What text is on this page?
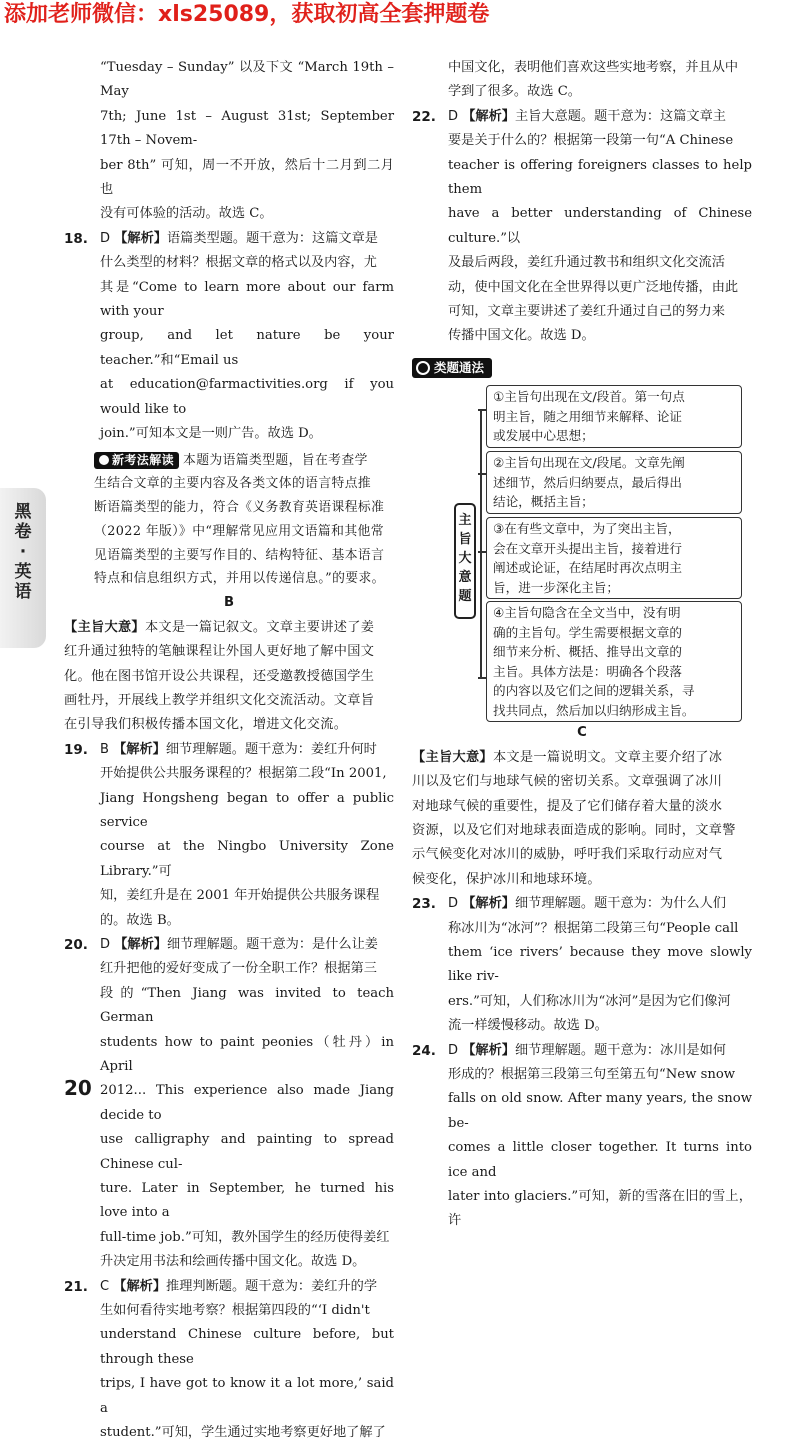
添加老师微信：xls25089，获取初高全套押题卷
黑
卷
·
英
语

“Tuesday – Sunday” 以及下文 “March 19th – May

7th; June 1st – August 31st; September 17th – Novem-

ber 8th” 可知，周一不开放，然后十二月到二月也

没有可体验的活动。故选 C。

18. D 【解析】语篇类型题。题干意为：这篇文章是

什么类型的材料？根据文章的格式以及内容，尤

其是“Come to learn more about our farm with your

group, and let nature be your teacher.”和“Email us

at education@farmactivities.org if you would like to

join.”可知本文是一则广告。故选 D。

新考法解读 本题为语篇类型题，旨在考查学

生结合文章的主要内容及各类文体的语言特点推

断语篇类型的能力，符合《义务教育英语课程标准

（2022 年版）》中“理解常见应用文语篇和其他常

见语篇类型的主要写作目的、结构特征、基本语言

特点和信息组织方式，并用以传递信息。”的要求。

B

【主旨大意】本文是一篇记叙文。文章主要讲述了姜

红升通过独特的笔触课程让外国人更好地了解中国文

化。他在图书馆开设公共课程，还受邀教授德国学生

画牡丹，开展线上教学并组织文化交流活动。文章旨

在引导我们积极传播本国文化，增进文化交流。

19. B 【解析】细节理解题。题干意为：姜红升何时

开始提供公共服务课程的？根据第二段“In 2001,

Jiang Hongsheng began to offer a public service

course at the Ningbo University Zone Library.”可

知，姜红升是在 2001 年开始提供公共服务课程

的。故选 B。

20. D 【解析】细节理解题。题干意为：是什么让姜

红升把他的爱好变成了一份全职工作？根据第三

段的“Then Jiang was invited to teach German

students how to paint peonies（牡丹）in April

2012... This experience also made Jiang decide to

use calligraphy and painting to spread Chinese cul-

ture. Later in September, he turned his love into a

full-time job.”可知，教外国学生的经历使得姜红

升决定用书法和绘画传播中国文化。故选 D。

21. C 【解析】推理判断题。题干意为：姜红升的学

生如何看待实地考察？根据第四段的“‘I didn't

understand Chinese culture before, but through these

trips, I have got to know it a lot more,’ said a

student.”可知，学生通过实地考察更好地了解了

中国文化，表明他们喜欢这些实地考察，并且从中

学到了很多。故选 C。

22. D 【解析】主旨大意题。题干意为：这篇文章主

要是关于什么的？根据第一段第一句“A Chinese

teacher is offering foreigners classes to help them

have a better understanding of Chinese culture.”以

及最后两段，姜红升通过教书和组织文化交流活

动，使中国文化在全世界得以更广泛地传播，由此

可知，文章主要讲述了姜红升通过自己的努力来

传播中国文化。故选 D。

类题通法
主
旨
大
意
题
①主旨句出现在文/段首。第一句点
明主旨，随之用细节来解释、论证
或发展中心思想；
②主旨句出现在文/段尾。文章先阐
述细节，然后归纳要点，最后得出
结论，概括主旨；
③在有些文章中，为了突出主旨，
会在文章开头提出主旨，接着进行
阐述或论证，在结尾时再次点明主
旨，进一步深化主旨；
④主旨句隐含在全文当中，没有明
确的主旨句。学生需要根据文章的
细节来分析、概括、推导出文章的
主旨。具体方法是：明确各个段落
的内容以及它们之间的逻辑关系，寻
找共同点，然后加以归纳形成主旨。

C

【主旨大意】本文是一篇说明文。文章主要介绍了冰

川以及它们与地球气候的密切关系。文章强调了冰川

对地球气候的重要性，提及了它们储存着大量的淡水

资源，以及它们对地球表面造成的影响。同时，文章警

示气候变化对冰川的威胁，呼吁我们采取行动应对气

候变化，保护冰川和地球环境。

23. D 【解析】细节理解题。题干意为：为什么人们

称冰川为“冰河”？根据第二段第三句“People call

them ‘ice rivers’ because they move slowly like riv-

ers.”可知，人们称冰川为“冰河”是因为它们像河

流一样缓慢移动。故选 D。

24. D 【解析】细节理解题。题干意为：冰川是如何

形成的？根据第三段第三句至第五句“New snow

falls on old snow. After many years, the snow be-

comes a little closer together. It turns into ice and

later into glaciers.”可知，新的雪落在旧的雪上，许

20
